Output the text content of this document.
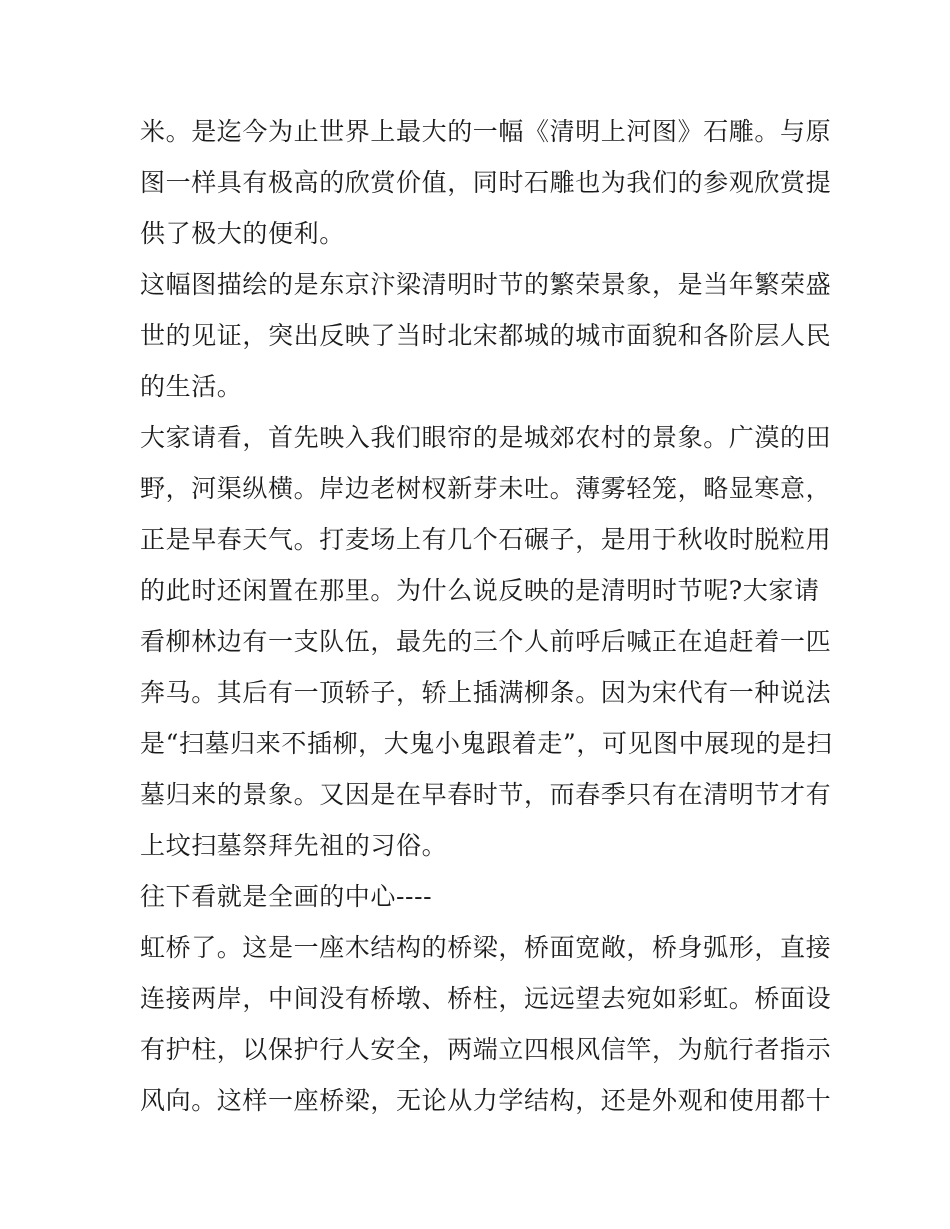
米。是迄今为止世界上最大的一幅《清明上河图》石雕。与原
图一样具有极高的欣赏价值，同时石雕也为我们的参观欣赏提
供了极大的便利。
这幅图描绘的是东京汴梁清明时节的繁荣景象，是当年繁荣盛
世的见证，突出反映了当时北宋都城的城市面貌和各阶层人民
的生活。
大家请看，首先映入我们眼帘的是城郊农村的景象。广漠的田
野，河渠纵横。岸边老树杈新芽未吐。薄雾轻笼，略显寒意，
正是早春天气。打麦场上有几个石碾子，是用于秋收时脱粒用
的此时还闲置在那里。为什么说反映的是清明时节呢?大家请
看柳林边有一支队伍，最先的三个人前呼后喊正在追赶着一匹
奔马。其后有一顶轿子，轿上插满柳条。因为宋代有一种说法
是“扫墓归来不插柳，大鬼小鬼跟着走”，可见图中展现的是扫
墓归来的景象。又因是在早春时节，而春季只有在清明节才有
上坟扫墓祭拜先祖的习俗。
往下看就是全画的中心----
虹桥了。这是一座木结构的桥梁，桥面宽敞，桥身弧形，直接
连接两岸，中间没有桥墩、桥柱，远远望去宛如彩虹。桥面设
有护柱，以保护行人安全，两端立四根风信竿，为航行者指示
风向。这样一座桥梁，无论从力学结构，还是外观和使用都十
